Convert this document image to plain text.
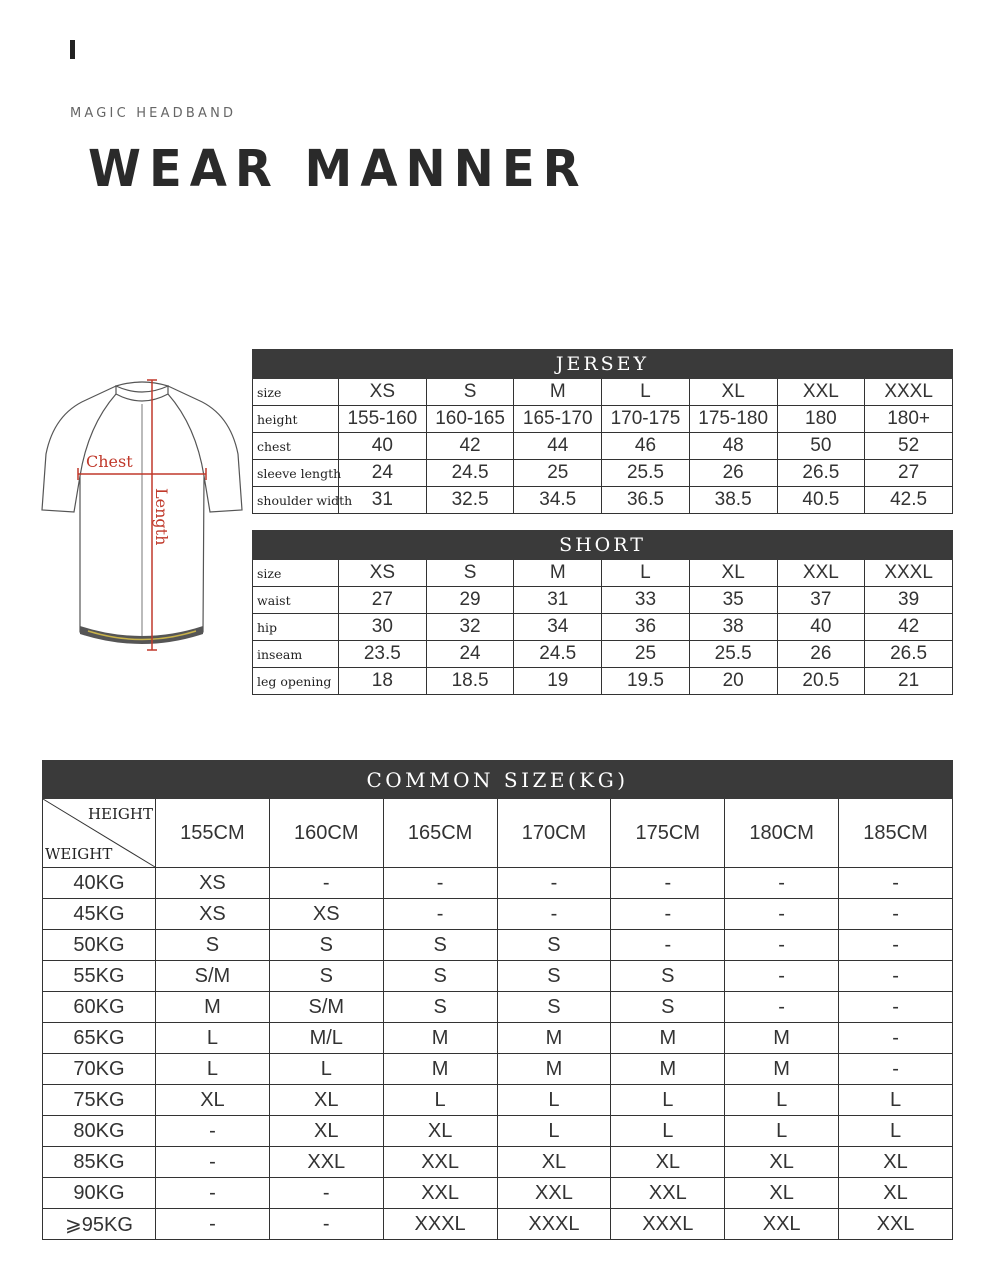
MAGIC HEADBAND
WEAR MANNER
Chest
Length
JERSEY							
size	XS	S	M	L	XL	XXL	XXXL
height	155-160	160-165	165-170	170-175	175-180	180	180+
chest	40	42	44	46	48	50	52
sleeve length	24	24.5	25	25.5	26	26.5	27
shoulder width	31	32.5	34.5	36.5	38.5	40.5	42.5
SHORT							
size	XS	S	M	L	XL	XXL	XXXL
waist	27	29	31	33	35	37	39
hip	30	32	34	36	38	40	42
inseam	23.5	24	24.5	25	25.5	26	26.5
leg opening	18	18.5	19	19.5	20	20.5	21
COMMON SIZE(KG)							

HEIGHT
WEIGHT	155CM	160CM	165CM	170CM	175CM	180CM	185CM
40KG	XS	-	-	-	-	-	-
45KG	XS	XS	-	-	-	-	-
50KG	S	S	S	S	-	-	-
55KG	S/M	S	S	S	S	-	-
60KG	M	S/M	S	S	S	-	-
65KG	L	M/L	M	M	M	M	-
70KG	L	L	M	M	M	M	-
75KG	XL	XL	L	L	L	L	L
80KG	-	XL	XL	L	L	L	L
85KG	-	XXL	XXL	XL	XL	XL	XL
90KG	-	-	XXL	XXL	XXL	XL	XL
⩾95KG	-	-	XXXL	XXXL	XXXL	XXL	XXL
